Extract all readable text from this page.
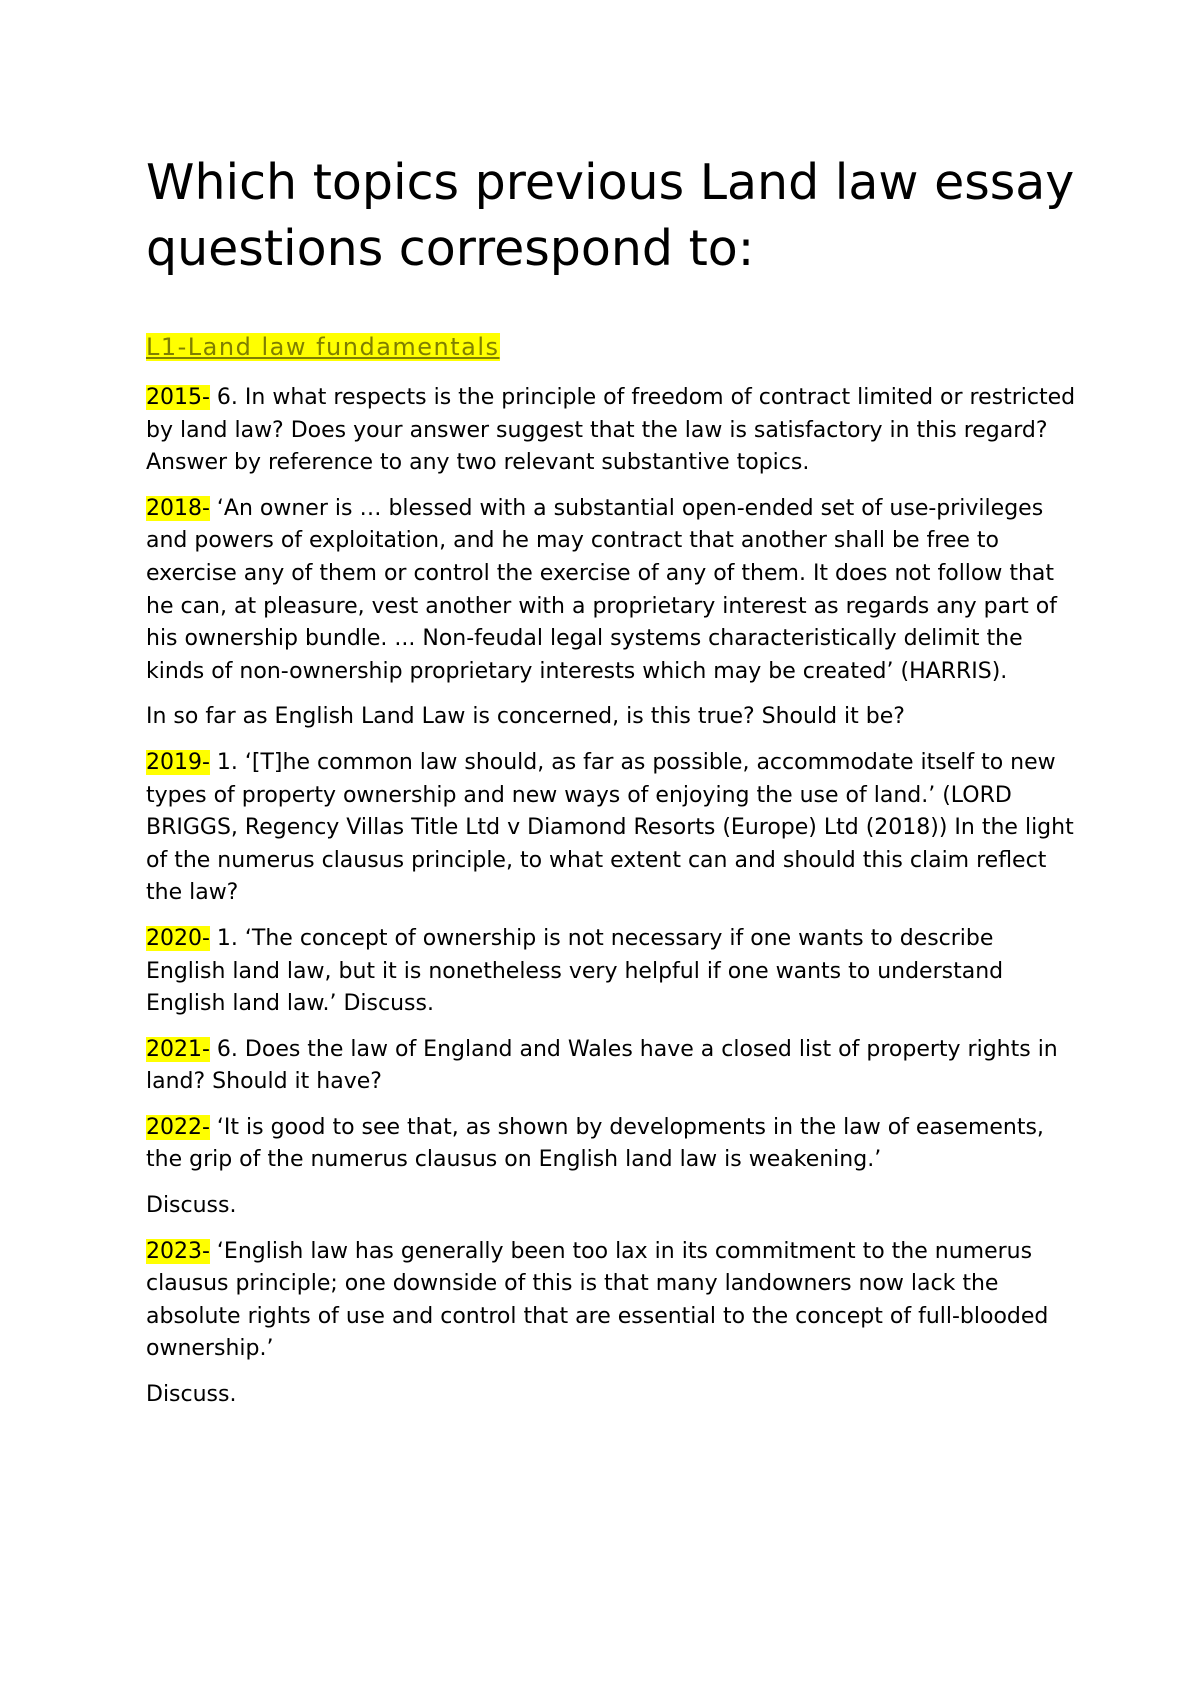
Which topics previous Land law essay questions correspond to:
L1-Land law fundamentals

2015- 6. In what respects is the principle of freedom of contract limited or restricted by land law? Does your answer suggest that the law is satisfactory in this regard? Answer by reference to any two relevant substantive topics.

2018- ‘An owner is … blessed with a substantial open-ended set of use-privileges and powers of exploitation, and he may contract that another shall be free to exercise any of them or control the exercise of any of them. It does not follow that he can, at pleasure, vest another with a proprietary interest as regards any part of his ownership bundle. ... Non-feudal legal systems characteristically delimit the kinds of non-ownership proprietary interests which may be created’ (HARRIS).

In so far as English Land Law is concerned, is this true? Should it be?

2019- 1. ‘[T]he common law should, as far as possible, accommodate itself to new types of property ownership and new ways of enjoying the use of land.’ (LORD BRIGGS, Regency Villas Title Ltd v Diamond Resorts (Europe) Ltd (2018)) In the light of the numerus clausus principle, to what extent can and should this claim reflect the law?

2020- 1. ‘The concept of ownership is not necessary if one wants to describe English land law, but it is nonetheless very helpful if one wants to understand English land law.’ Discuss.

2021- 6. Does the law of England and Wales have a closed list of property rights in land? Should it have?

2022- ‘It is good to see that, as shown by developments in the law of easements, the grip of the numerus clausus on English land law is weakening.’

Discuss.

2023- ‘English law has generally been too lax in its commitment to the numerus clausus principle; one downside of this is that many landowners now lack the absolute rights of use and control that are essential to the concept of full-blooded ownership.’

Discuss.
